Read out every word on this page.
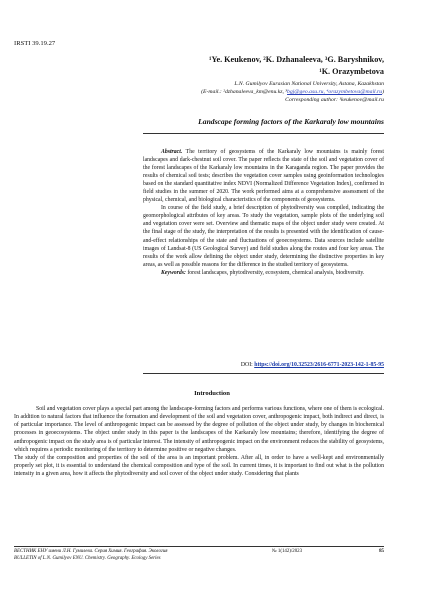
IRSTI 39.19.27
¹Ye. Keukenov, ²K. Dzhanaleeva, ³G. Baryshnikov,
¹K. Orazymbetova
L.N. Gumilyov Eurasian National University, Astana, Kazakhstan
(E-mail.: ²dzhanaleeva_km@enu.kz, ³bgj@geo.asu.ru, ⁴orazymbetova@mail.ru)
Corresponding author: ¹keukenov@mail.ru
Landscape forming factors of the Karkaraly low mountains

Abstract. The territory of geosystems of the Karkaraly low mountains is mainly forest landscapes and dark-chestnut soil cover. The paper reflects the state of the soil and vegetation cover of the forest landscapes of the Karkaraly low mountains in the Karaganda region. The paper provides the results of chemical soil tests; describes the vegetation cover samples using geoinformation technologies based on the standard quantitative index NDVI (Normalized Difference Vegetation Index), confirmed in field studies in the summer of 2020. The work performed aims at a comprehensive assessment of the physical, chemical, and biological characteristics of the components of geosystems.

In course of the field study, a brief description of phytodiversity was compiled, indicating the geomorphological attributes of key areas. To study the vegetation, sample plots of the underlying soil and vegetation cover were set. Overview and thematic maps of the object under study were created. At the final stage of the study, the interpretation of the results is presented with the identification of cause-and-effect relationships of the state and fluctuations of geoecosystems. Data sources include satellite images of Landsat-8 (US Geological Survey) and field studies along the routes and four key areas. The results of the work allow defining the object under study, determining the distinctive properties in key areas, as well as possible reasons for the difference in the studied territory of geosystems.

Keywords: forest landscapes, phytodiversity, ecosystem, chemical analysis, biodiversity.

DOI: https://doi.org/10.32523/2616-6771-2023-142-1-85-95
Introduction

Soil and vegetation cover plays a special part among the landscape-forming factors and performs various functions, where one of them is ecological. In addition to natural factors that influence the formation and development of the soil and vegetation cover, anthropogenic impact, both indirect and direct, is of particular importance. The level of anthropogenic impact can be assessed by the degree of pollution of the object under study, by changes in biochemical processes in geoecosystems. The object under study in this paper is the landscapes of the Karkaraly low mountains; therefore, identifying the degree of anthropogenic impact on the study area is of particular interest. The intensity of anthropogenic impact on the environment reduces the stability of geosystems, which requires a periodic monitoring of the territory to determine positive or negative changes.

The study of the composition and properties of the soil of the area is an important problem. After all, in order to have a well-kept and environmentally properly set plot, it is essential to understand the chemical composition and type of the soil. In current times, it is important to find out what is the pollution intensity in a given area, how it affects the phytodiversity and soil cover of the object under study. Considering that plants

ВЕСТНИК ЕНУ имени Л.Н. Гумилева. Серия Химия. География. Экология
BULLETIN of L.N. Gumilyov ENU. Chemistry. Geography. Ecology Series
№ 1(142)/2023	85
